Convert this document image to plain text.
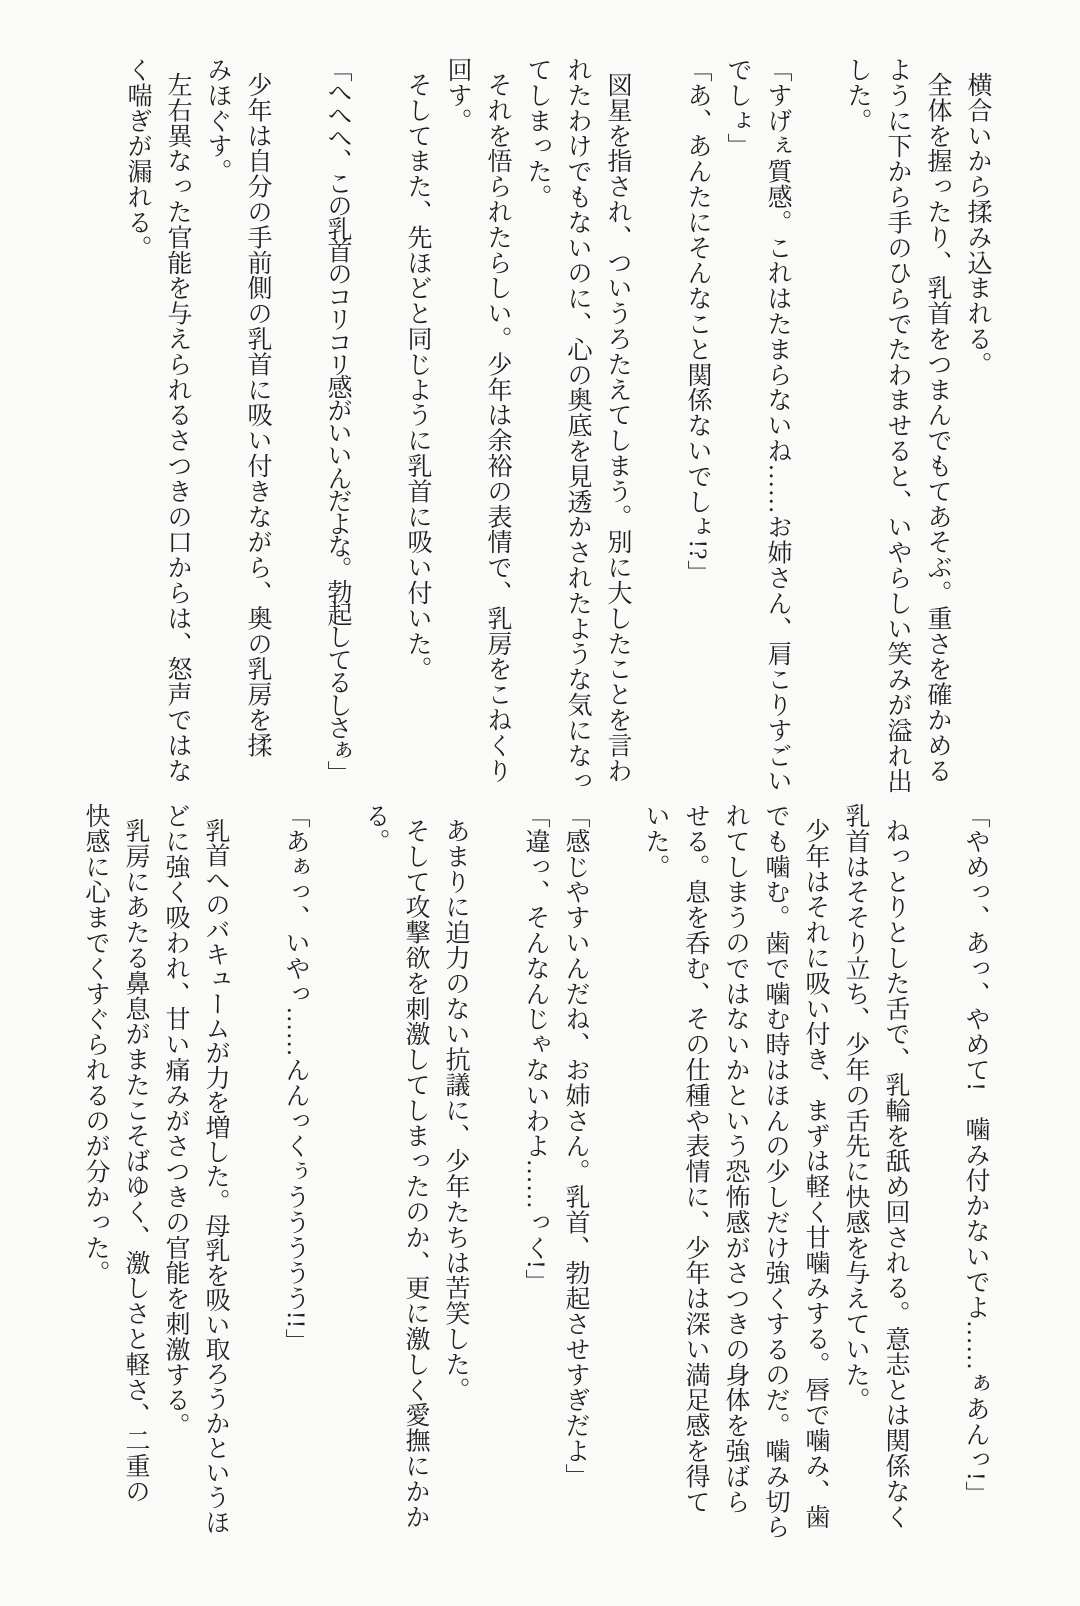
横合いから揉み込まれる。
全体を握ったり、乳首をつまんでもてあそぶ。重さを確かめる
ように下から手のひらでたわませると、いやらしい笑みが溢れ出
した。
「すげぇ質感。これはたまらないね……お姉さん、肩こりすごい
でしょ」
「あ、あんたにそんなこと関係ないでしょ!?」
図星を指され、ついうろたえてしまう。別に大したことを言わ
れたわけでもないのに、心の奥底を見透かされたような気になっ
てしまった。
それを悟られたらしい。少年は余裕の表情で、乳房をこねくり
回す。
そしてまた、先ほどと同じように乳首に吸い付いた。
「へへへ、この乳首のコリコリ感がいいんだよな。勃起してるしさぁ」
少年は自分の手前側の乳首に吸い付きながら、奥の乳房を揉
みほぐす。
左右異なった官能を与えられるさつきの口からは、怒声ではな
く喘ぎが漏れる。
「やめっ、あっ、やめて!　噛み付かないでよ……ぁあんっ!」
ねっとりとした舌で、乳輪を舐め回される。意志とは関係なく
乳首はそそり立ち、少年の舌先に快感を与えていた。
少年はそれに吸い付き、まずは軽く甘噛みする。唇で噛み、歯
でも噛む。歯で噛む時はほんの少しだけ強くするのだ。噛み切ら
れてしまうのではないかという恐怖感がさつきの身体を強ばら
せる。息を呑む、その仕種や表情に、少年は深い満足感を得て
いた。
「感じやすいんだね、お姉さん。乳首、勃起させすぎだよ」
「違っ、そんなんじゃないわよ……っく!」
あまりに迫力のない抗議に、少年たちは苦笑した。
そして攻撃欲を刺激してしまったのか、更に激しく愛撫にかか
る。
「あぁっ、いやっ……んんっくぅううううう!!」
乳首へのバキュームが力を増した。母乳を吸い取ろうかというほ
どに強く吸われ、甘い痛みがさつきの官能を刺激する。
乳房にあたる鼻息がまたこそばゆく、激しさと軽さ、二重の
快感に心までくすぐられるのが分かった。
